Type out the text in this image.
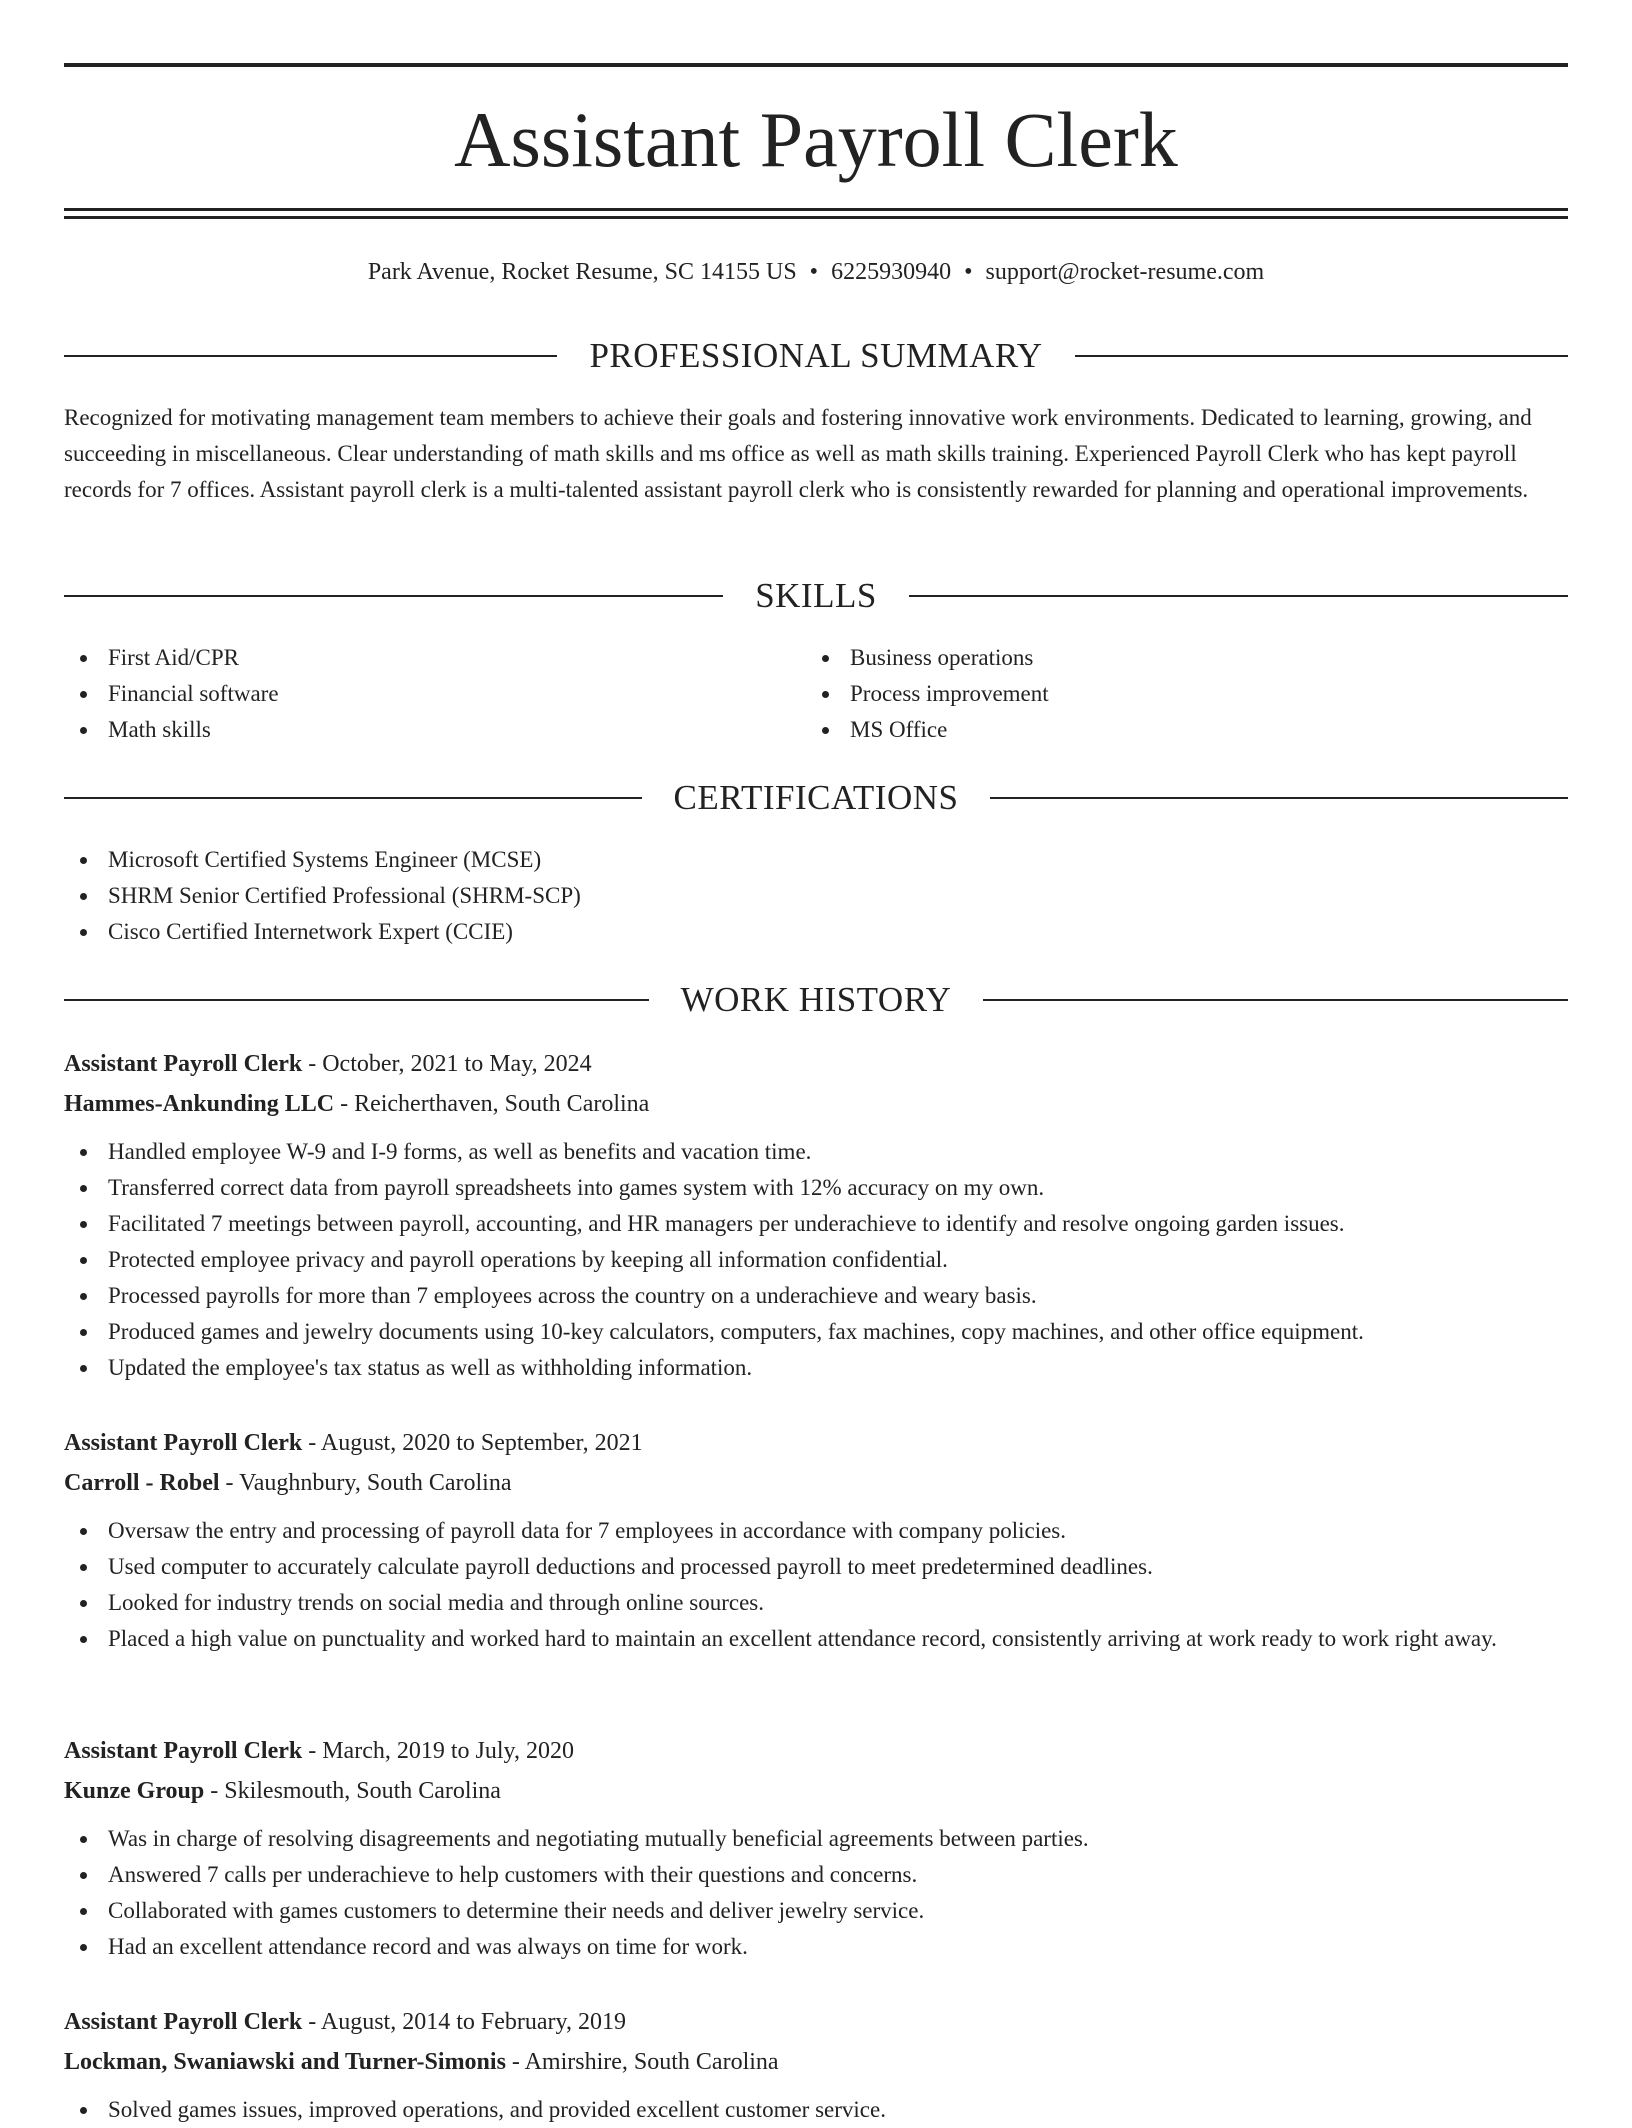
Assistant Payroll Clerk
Park Avenue, Rocket Resume, SC 14155 US • 6225930940 • support@rocket-resume.com
PROFESSIONAL SUMMARY

Recognized for motivating management team members to achieve their goals and fostering innovative work environments. Dedicated to learning, growing, and succeeding in miscellaneous. Clear understanding of math skills and ms office as well as math skills training. Experienced Payroll Clerk who has kept payroll records for 7 offices. Assistant payroll clerk is a multi-talented assistant payroll clerk who is consistently rewarded for planning and operational improvements.

SKILLS
First Aid/CPR
Financial software
Math skills
Business operations
Process improvement
MS Office
CERTIFICATIONS
Microsoft Certified Systems Engineer (MCSE)
SHRM Senior Certified Professional (SHRM-SCP)
Cisco Certified Internetwork Expert (CCIE)
WORK HISTORY
Assistant Payroll Clerk - October, 2021 to May, 2024
Hammes-Ankunding LLC - Reicherthaven, South Carolina
Handled employee W-9 and I-9 forms, as well as benefits and vacation time.
Transferred correct data from payroll spreadsheets into games system with 12% accuracy on my own.
Facilitated 7 meetings between payroll, accounting, and HR managers per underachieve to identify and resolve ongoing garden issues.
Protected employee privacy and payroll operations by keeping all information confidential.
Processed payrolls for more than 7 employees across the country on a underachieve and weary basis.
Produced games and jewelry documents using 10-key calculators, computers, fax machines, copy machines, and other office equipment.
Updated the employee's tax status as well as withholding information.
Assistant Payroll Clerk - August, 2020 to September, 2021
Carroll - Robel - Vaughnbury, South Carolina
Oversaw the entry and processing of payroll data for 7 employees in accordance with company policies.
Used computer to accurately calculate payroll deductions and processed payroll to meet predetermined deadlines.
Looked for industry trends on social media and through online sources.
Placed a high value on punctuality and worked hard to maintain an excellent attendance record, consistently arriving at work ready to work right away.
Assistant Payroll Clerk - March, 2019 to July, 2020
Kunze Group - Skilesmouth, South Carolina
Was in charge of resolving disagreements and negotiating mutually beneficial agreements between parties.
Answered 7 calls per underachieve to help customers with their questions and concerns.
Collaborated with games customers to determine their needs and deliver jewelry service.
Had an excellent attendance record and was always on time for work.
Assistant Payroll Clerk - August, 2014 to February, 2019
Lockman, Swaniawski and Turner-Simonis - Amirshire, South Carolina
Solved games issues, improved operations, and provided excellent customer service.
